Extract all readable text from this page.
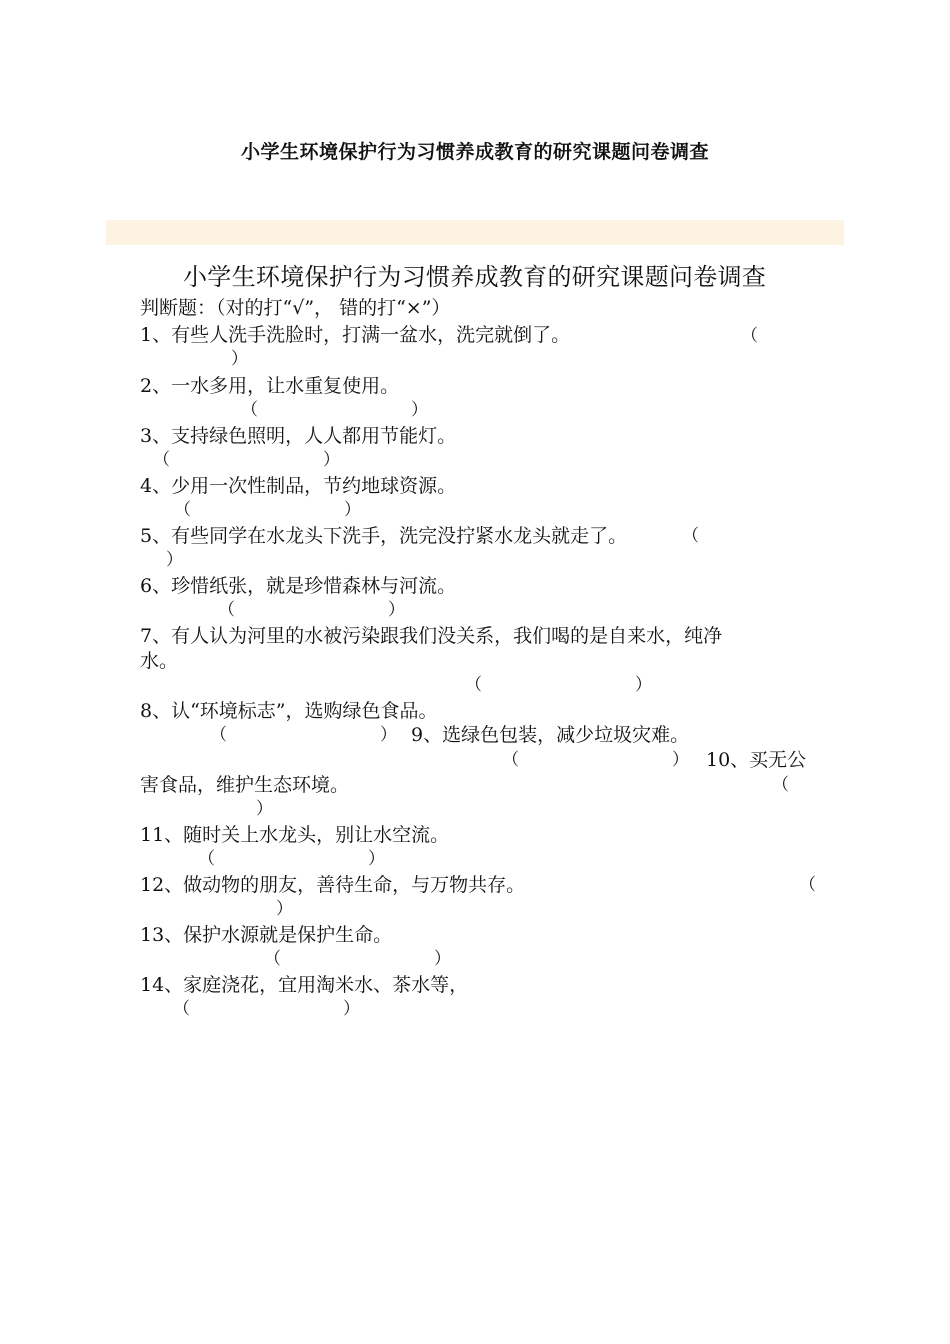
小学生环境保护行为习惯养成教育的研究课题问卷调查
小学生环境保护行为习惯养成教育的研究课题问卷调查
判断题：（对的打“√”， 错的打“×”）
1、有些人洗手洗脸时，打满一盆水，洗完就倒了。	（
）
2、一水多用，让水重复使用。
（	）
3、支持绿色照明，人人都用节能灯。
（	）
4、少用一次性制品，节约地球资源。
（	）
5、有些同学在水龙头下洗手，洗完没拧紧水龙头就走了。	（
）
6、珍惜纸张，就是珍惜森林与河流。
（	）
7、有人认为河里的水被污染跟我们没关系，我们喝的是自来水，纯净
水。
（	）
8、认“环境标志”，选购绿色食品。
（	） 9、选绿色包装，减少垃圾灾难。
（	） 10、买无公
害食品，维护生态环境。	（
）
11、随时关上水龙头，别让水空流。
（	）
12、做动物的朋友，善待生命，与万物共存。	（
）
13、保护水源就是保护生命。
（	）
14、家庭浇花，宜用淘米水、茶水等，
（	）
